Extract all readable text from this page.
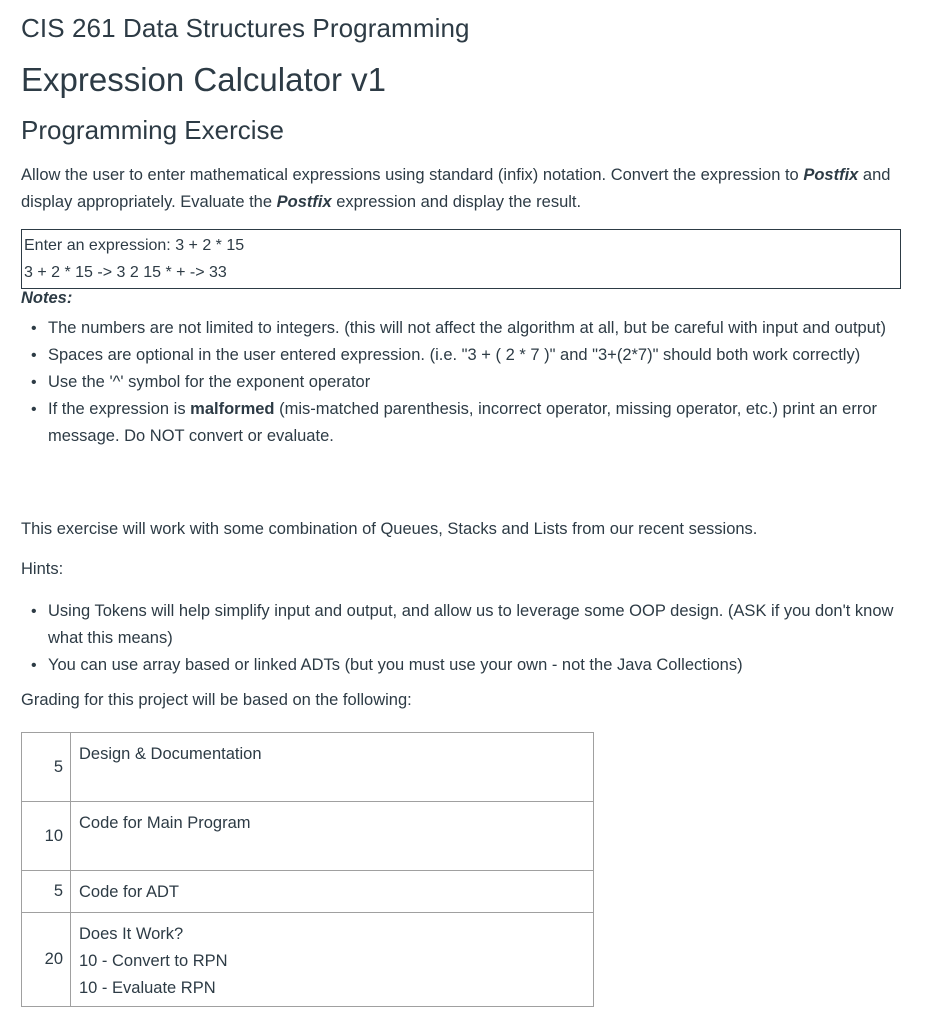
CIS 261 Data Structures Programming
Expression Calculator v1
Programming Exercise

Allow the user to enter mathematical expressions using standard (infix) notation. Convert the expression to Postfix and display appropriately. Evaluate the Postfix expression and display the result.

Enter an expression: 3 + 2 * 15
3 + 2 * 15 -> 3 2 15 * + -> 33
Notes:
• The numbers are not limited to integers. (this will not affect the algorithm at all, but be careful with input and output)
• Spaces are optional in the user entered expression. (i.e. "3 + ( 2 * 7 )" and "3+(2*7)" should both work correctly)
• Use the '^' symbol for the exponent operator
• If the expression is malformed (mis-matched parenthesis, incorrect operator, missing operator, etc.) print an error message. Do NOT convert or evaluate.
This exercise will work with some combination of Queues, Stacks and Lists from our recent sessions.
Hints:
• Using Tokens will help simplify input and output, and allow us to leverage some OOP design. (ASK if you don't know what this means)
• You can use array based or linked ADTs (but you must use your own - not the Java Collections)
Grading for this project will be based on the following:
5	Design & Documentation
10	Code for Main Program
5	Code for ADT
20	Does It Work?
10 - Convert to RPN
10 - Evaluate RPN
